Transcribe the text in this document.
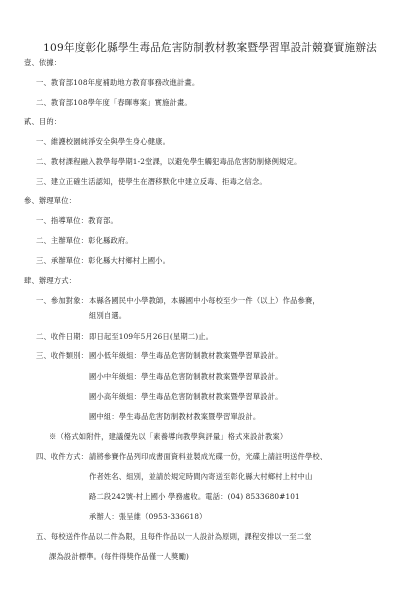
109年度彰化縣學生毒品危害防制教材教案暨學習單設計競賽實施辦法
壹、依據：
一、教育部108年度補助地方教育事務改進計畫。
二、教育部108學年度「春暉專案」實施計畫。
貳、目的：
一、維護校園純淨安全與學生身心健康。
二、教材課程融入教學每學期1-2堂課，以避免學生觸犯毒品危害防制條例規定。
三、建立正確生活認知，使學生在潛移默化中建立反毒、拒毒之信念。
參、辦理單位：
一、指導單位：教育部。
二、主辦單位：彰化縣政府。
三、承辦單位：彰化縣大村鄉村上國小。
肆、辦理方式：
一、參加對象： 本縣各國民中小學教師，本縣國中小每校至少一件（以上）作品參賽，
組別自選。
二、收件日期： 即日起至109年5月26日(星期二)止。
三、收件類別： 國小低年級組：學生毒品危害防制教材教案暨學習單設計。
國小中年級組：學生毒品危害防制教材教案暨學習單設計。
國小高年級組：學生毒品危害防制教材教案暨學習單設計。
國中組：學生毒品危害防制教材教案暨學習單設計。
※（格式如附件，建議優先以「素養導向教學與評量」格式來設計教案）
四、收件方式： 請將參賽作品列印成書面資料並製成光碟一份，光碟上請註明送件學校、
作者姓名、組別，並請於規定時間內寄送至彰化縣大村鄉村上村中山
路二段242號-村上國小 學務處收。電話：(04) 8533680#101
承辦人：張呈維（0953-336618）
五、每校送件作品以二件為限，且每件作品以一人設計為原則，課程安排以一至二堂
課為設計標準。(每件得獎作品僅一人獎勵)
